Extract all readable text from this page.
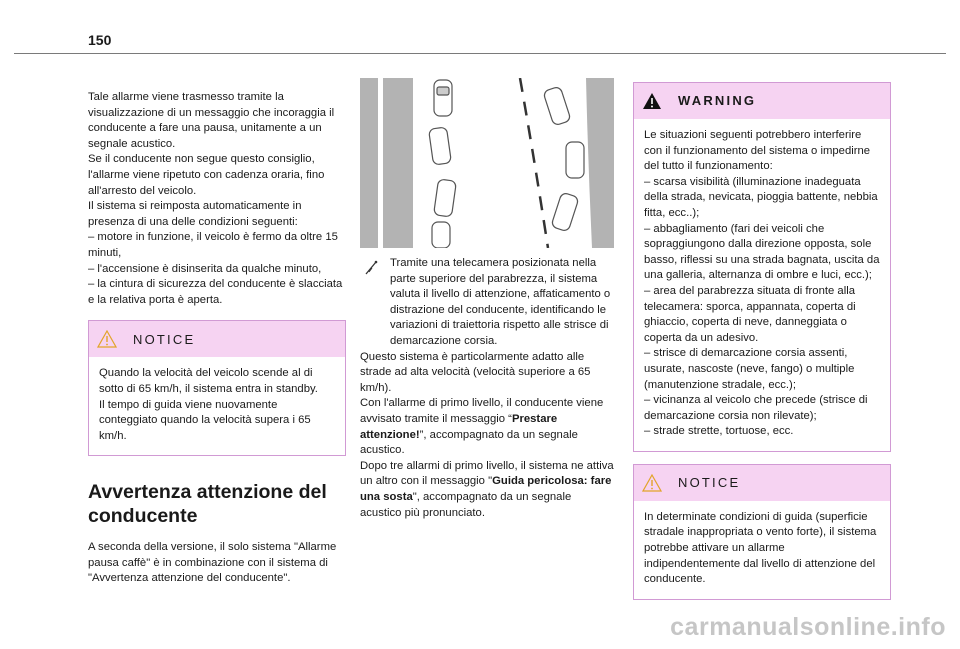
150

Tale allarme viene trasmesso tramite la visualizzazione di un messaggio che incoraggia il conducente a fare una pausa, unitamente a un segnale acustico.

Se il conducente non segue questo consiglio, l'allarme viene ripetuto con cadenza oraria, fino all'arresto del veicolo.

Il sistema si reimposta automaticamente in presenza di una delle condizioni seguenti:

– motore in funzione, il veicolo è fermo da oltre 15 minuti,

– l'accensione è disinserita da qualche minuto,

– la cintura di sicurezza del conducente è slacciata e la relativa porta è aperta.

NOTICE

Quando la velocità del veicolo scende al di sotto di 65 km/h, il sistema entra in standby.

Il tempo di guida viene nuovamente conteggiato quando la velocità supera i 65 km/h.

Avvertenza attenzione del conducente

A seconda della versione, il solo sistema "Allarme pausa caffè" è in combinazione con il sistema di "Avvertenza attenzione del conducente".

Tramite una telecamera posizionata nella parte superiore del parabrezza, il sistema valuta il livello di attenzione, affaticamento o distrazione del conducente, identificando le variazioni di traiettoria rispetto alle strisce di demarcazione corsia.

Questo sistema è particolarmente adatto alle strade ad alta velocità (velocità superiore a 65 km/h).

Con l'allarme di primo livello, il conducente viene avvisato tramite il messaggio “Prestare attenzione!”, accompagnato da un segnale acustico.

Dopo tre allarmi di primo livello, il sistema ne attiva un altro con il messaggio "Guida pericolosa: fare una sosta", accompagnato da un segnale acustico più pronunciato.

WARNING

Le situazioni seguenti potrebbero interferire con il funzionamento del sistema o impedirne del tutto il funzionamento:

– scarsa visibilità (illuminazione inadeguata della strada, nevicata, pioggia battente, nebbia fitta, ecc..);

– abbagliamento (fari dei veicoli che sopraggiungono dalla direzione opposta, sole basso, riflessi su una strada bagnata, uscita da una galleria, alternanza di ombre e luci, ecc.);

– area del parabrezza situata di fronte alla telecamera: sporca, appannata, coperta di ghiaccio, coperta di neve, danneggiata o coperta da un adesivo.

– strisce di demarcazione corsia assenti, usurate, nascoste (neve, fango) o multiple (manutenzione stradale, ecc.);

– vicinanza al veicolo che precede (strisce di demarcazione corsia non rilevate);

– strade strette, tortuose, ecc.

NOTICE

In determinate condizioni di guida (superficie stradale inappropriata o vento forte), il sistema potrebbe attivare un allarme indipendentemente dal livello di attenzione del conducente.

carmanualsonline.info
